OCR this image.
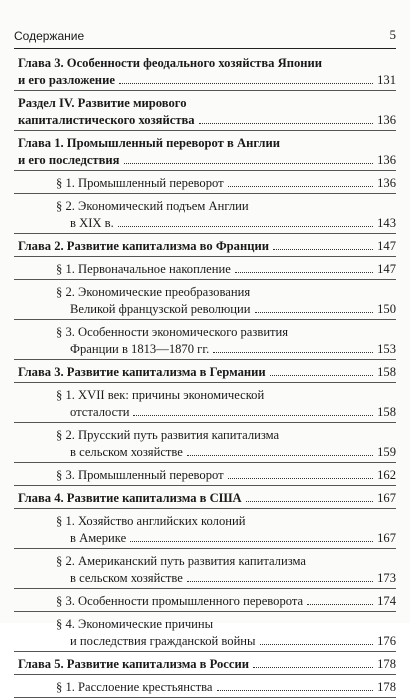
Содержание	5
Глава 3. Особенности феодального хозяйства Японии
и его разложение	131
Раздел IV. Развитие мирового
капиталистического хозяйства	136
Глава 1. Промышленный переворот в Англии
и его последствия	136
§ 1. Промышленный переворот	136
§ 2. Экономический подъем Англии
в XIX в.	143
Глава 2. Развитие капитализма во Франции	147
§ 1. Первоначальное накопление	147
§ 2. Экономические преобразования
Великой французской революции	150
§ 3. Особенности экономического развития
Франции в 1813—1870 гг.	153
Глава 3. Развитие капитализма в Германии	158
§ 1. XVII век: причины экономической
отсталости	158
§ 2. Прусский путь развития капитализма
в сельском хозяйстве	159
§ 3. Промышленный переворот	162
Глава 4. Развитие капитализма в США	167
§ 1. Хозяйство английских колоний
в Америке	167
§ 2. Американский путь развития капитализма
в сельском хозяйстве	173
§ 3. Особенности промышленного переворота	174
§ 4. Экономические причины
и последствия гражданской войны	176
Глава 5. Развитие капитализма в России	178
§ 1. Расслоение крестьянства	178
